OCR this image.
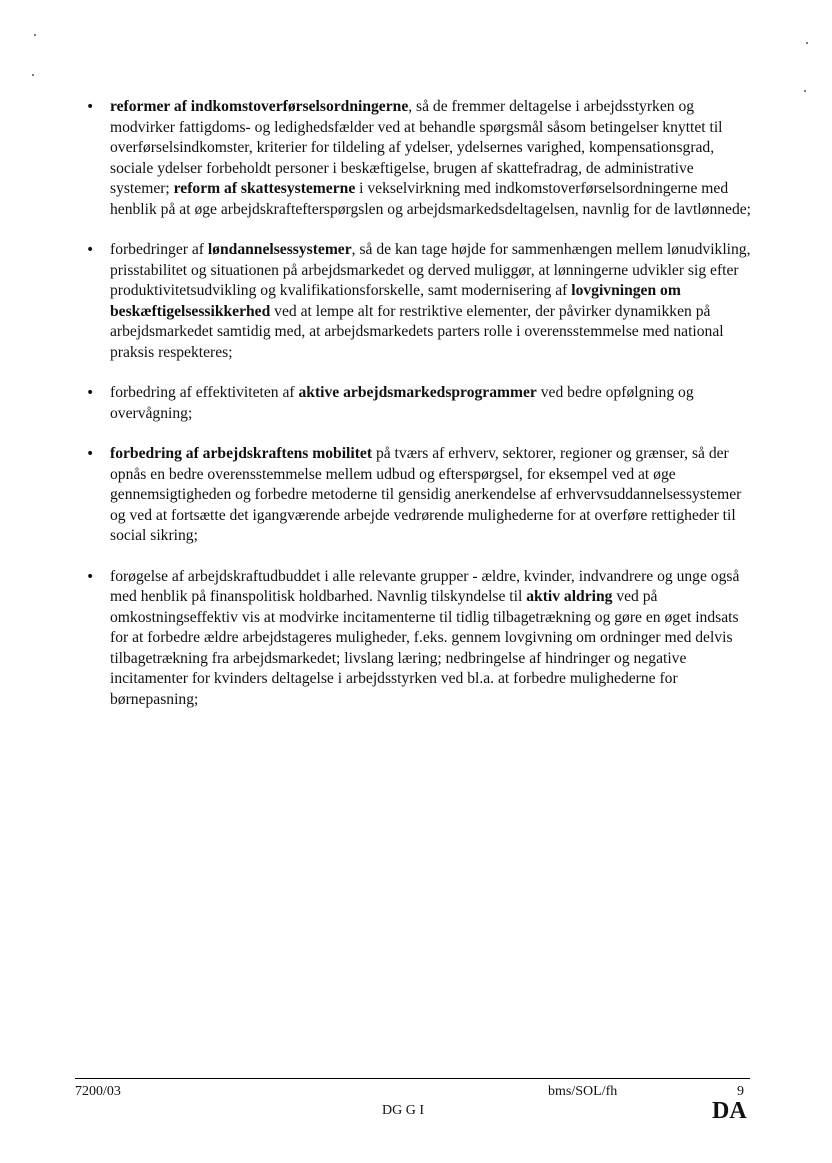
• reformer af indkomstoverførselsordningerne, så de fremmer deltagelse i arbejdsstyrken og modvirker fattigdoms- og ledighedsfælder ved at behandle spørgsmål såsom betingelser knyttet til overførselsindkomster, kriterier for tildeling af ydelser, ydelsernes varighed, kompensationsgrad, sociale ydelser forbeholdt personer i beskæftigelse, brugen af skattefradrag, de administrative systemer; reform af skattesystemerne i vekselvirkning med indkomstoverførselsordningerne med henblik på at øge arbejdskraftefterspørgslen og arbejdsmarkedsdeltagelsen, navnlig for de lavtlønnede;
• forbedringer af løndannelsessystemer, så de kan tage højde for sammenhængen mellem lønudvikling, prisstabilitet og situationen på arbejdsmarkedet og derved muliggør, at lønningerne udvikler sig efter produktivitetsudvikling og kvalifikationsforskelle, samt modernisering af lovgivningen om beskæftigelsessikkerhed ved at lempe alt for restriktive elementer, der påvirker dynamikken på arbejdsmarkedet samtidig med, at arbejdsmarkedets parters rolle i overensstemmelse med national praksis respekteres;
• forbedring af effektiviteten af aktive arbejdsmarkedsprogrammer ved bedre opfølgning og overvågning;
• forbedring af arbejdskraftens mobilitet på tværs af erhverv, sektorer, regioner og grænser, så der opnås en bedre overensstemmelse mellem udbud og efterspørgsel, for eksempel ved at øge gennemsigtigheden og forbedre metoderne til gensidig anerkendelse af erhvervsuddannelsessystemer og ved at fortsætte det igangværende arbejde vedrørende mulighederne for at overføre rettigheder til social sikring;
• forøgelse af arbejdskraftudbuddet i alle relevante grupper - ældre, kvinder, indvandrere og unge også med henblik på finanspolitisk holdbarhed. Navnlig tilskyndelse til aktiv aldring ved på omkostningseffektiv vis at modvirke incitamenterne til tidlig tilbagetrækning og gøre en øget indsats for at forbedre ældre arbejdstageres muligheder, f.eks. gennem lovgivning om ordninger med delvis tilbagetrækning fra arbejdsmarkedet; livslang læring; nedbringelse af hindringer og negative incitamenter for kvinders deltagelse i arbejdsstyrken ved bl.a. at forbedre mulighederne for børnepasning;
7200/03
DG G I
bms/SOL/fh	9
DA
